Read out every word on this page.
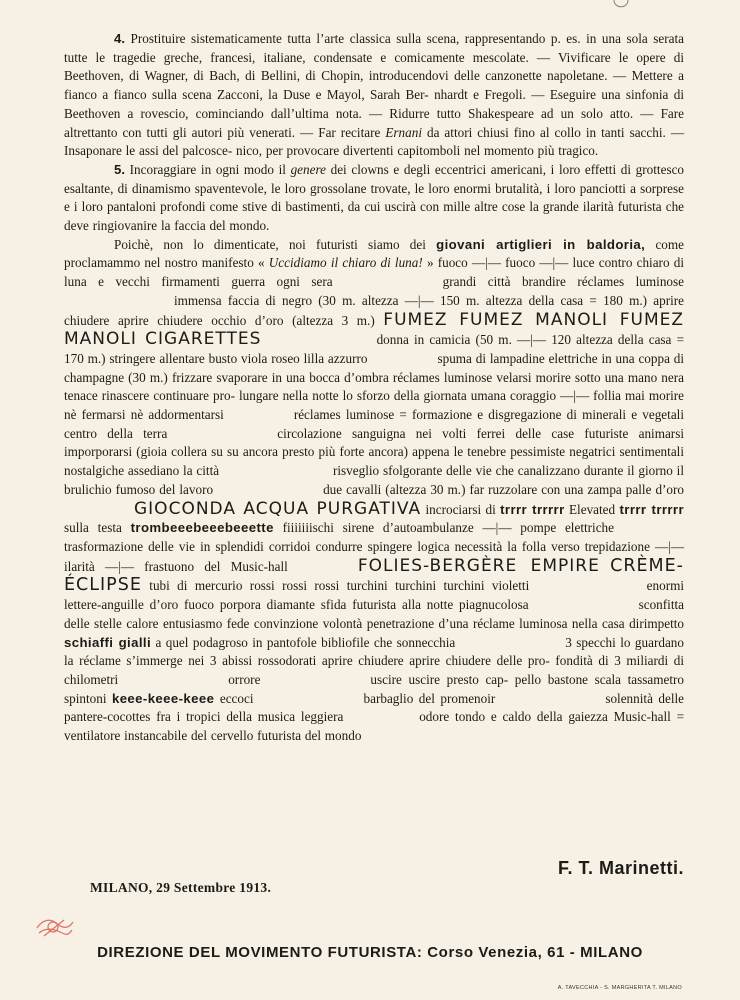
4. Prostituire sistematicamente tutta l’arte classica sulla scena, rappresentando p. es. in una sola serata tutte le tragedie greche, francesi, italiane, condensate e comicamente mescolate. — Vivificare le opere di Beethoven, di Wagner, di Bach, di Bellini, di Chopin, introducendovi delle canzonette napoletane. — Mettere a fianco a fianco sulla scena Zacconi, la Duse e Mayol, Sarah Ber- nhardt e Fregoli. — Eseguire una sinfonia di Beethoven a rovescio, cominciando dall’ultima nota. — Ridurre tutto Shakespeare ad un solo atto. — Fare altrettanto con tutti gli autori più venerati. — Far recitare Ernani da attori chiusi fino al collo in tanti sacchi. — Insaponare le assi del palcosce- nico, per provocare divertenti capitomboli nel momento più tragico.

5. Incoraggiare in ogni modo il genere dei clowns e degli eccentrici americani, i loro effetti di grottesco esaltante, di dinamismo spaventevole, le loro grossolane trovate, le loro enormi brutalità, i loro panciotti a sorprese e i loro pantaloni profondi come stive di bastimenti, da cui uscirà con mille altre cose la grande ilarità futurista che deve ringiovanire la faccia del mondo.

Poichè, non lo dimenticate, noi futuristi siamo dei giovani artiglieri in baldoria, come proclamammo nel nostro manifesto « Uccidiamo il chiaro di luna! » fuoco —|— fuoco —|— luce contro chiaro di luna e vecchi firmamenti guerra ogni sera	grandi città brandire réclames luminoseimmensa faccia di negro (30 m. altezza —|— 150 m. altezza della casa = 180 m.) aprire chiudere aprire chiudere occhio d’oro (altezza 3 m.) FUMEZ FUMEZ MANOLI FUMEZ MANOLI CIGARETTES	donna in camicia (50 m. —|— 120 altezza della casa = 170 m.) stringere allentare busto viola roseo lilla azzurro	spuma di lampadine elettriche in una coppa di champagne (30 m.) frizzare svaporare in una bocca d’ombra réclames luminose velarsi morire sotto una mano nera tenace rinascere continuare pro- lungare nella notte lo sforzo della giornata umana coraggio —|— follia mai morire nè fermarsi nè addormentarsi	réclames luminose = formazione e disgregazione di minerali e vegetali centro della terra	circolazione sanguigna nei volti ferrei delle case futuriste animarsi imporporarsi (gioia collera su su ancora presto più forte ancora) appena le tenebre pessimiste negatrici sentimentali nostalgiche assediano la città	risveglio sfolgorante delle vie che canalizzano durante il giorno il brulichio fumoso del lavoro	due cavalli (altezza 30 m.) far ruzzolare con una zampa palle d’oroGIOCONDA ACQUA PURGATIVA incrociarsi di trrrr trrrrr Elevated trrrr trrrrr sulla testa trombeeebeeebeeette fiiiiiiischi sirene d’autoambulanze —|— pompe elettrichetrasformazione delle vie in splendidi corridoi condurre spingere logica necessità la folla verso trepidazione —|— ilarità —|— frastuono del Music-hall	FOLIES-BERGÈRE EMPIRE CRÈME-ÉCLIPSE tubi di mercurio rossi rossi rossi turchini turchini turchini violetti	enormi lettere-anguille d’oro fuoco porpora diamante sfida futurista alla notte piagnucolosa	sconfitta delle stelle calore entusiasmo fede convinzione volontà penetrazione d’una réclame luminosa nella casa dirimpetto schiaffi gialli a quel podagroso in pantofole bibliofile che sonnecchia	3 specchi lo guardano la réclame s’immerge nei 3 abissi rossodorati aprire chiudere aprire chiudere delle pro- fondità di 3 miliardi di chilometri	orrore	uscire uscire presto cap- pello bastone scala tassametro spintoni keee-keee-keee eccoci	barbaglio del promenoir	solennità delle pantere-cocottes fra i tropici della musica leggiera	odore tondo e caldo della gaiezza Music-hall = ventilatore instancabile del cervello futurista del mondo

F. T. Marinetti.
MILANO, 29 Settembre 1913.
DIREZIONE DEL MOVIMENTO FUTURISTA: Corso Venezia, 61 - MILANO
A. TAVECCHIA - S. MARGHERITA T. MILANO
